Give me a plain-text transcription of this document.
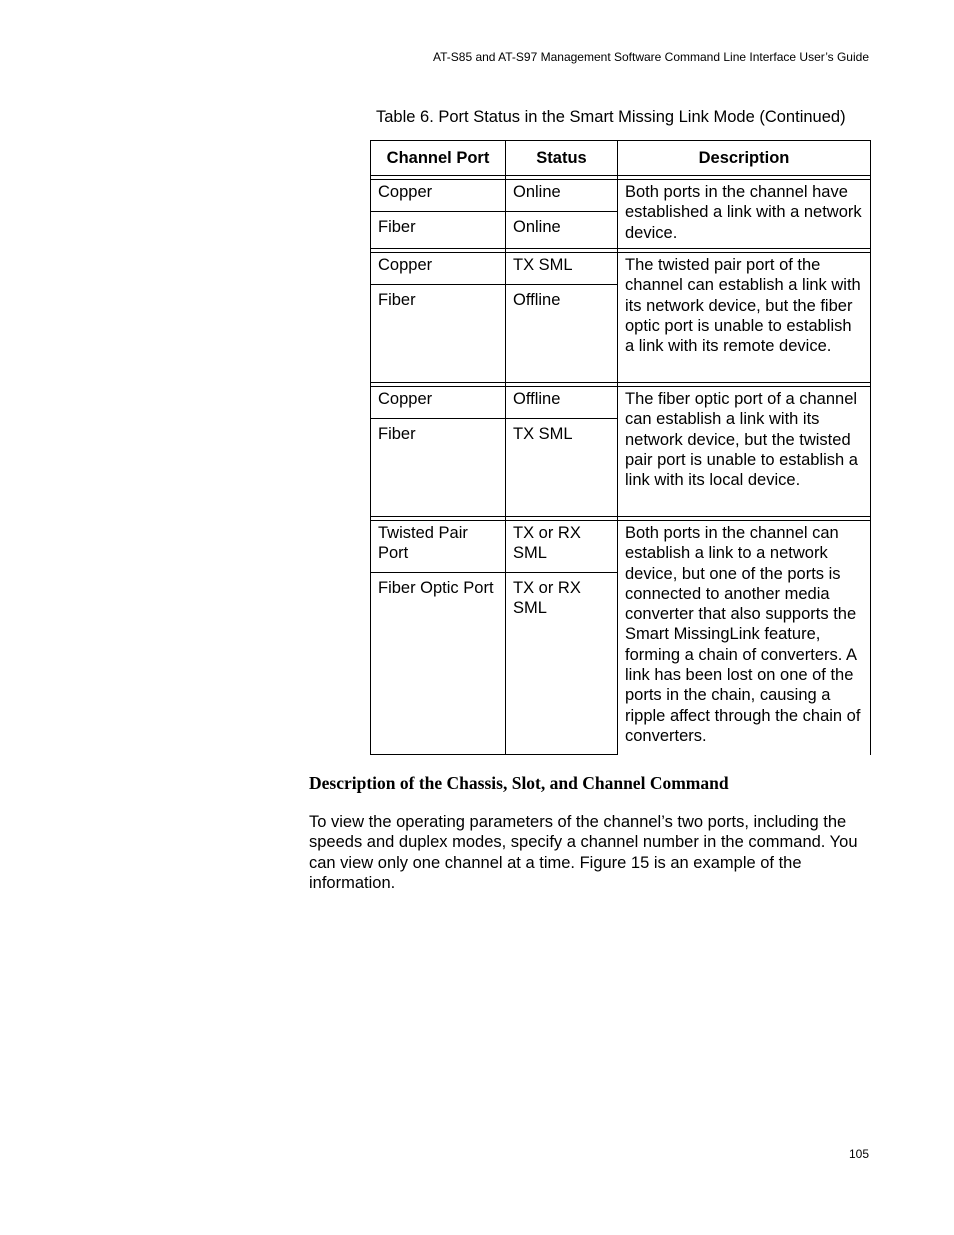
AT-S85 and AT-S97 Management Software Command Line Interface User’s Guide
Table 6. Port Status in the Smart Missing Link Mode (Continued)
Channel Port	Status	Description

Copper	Online	Both ports in the channel have established a link with a network device.
Fiber	Online	

Copper	TX SML	The twisted pair port of the channel can establish a link with its network device, but the fiber optic port is unable to establish a link with its remote device.
Fiber	Offline	

Copper	Offline	The fiber optic port of a channel can establish a link with its network device, but the twisted pair port is unable to establish a link with its local device.
Fiber	TX SML	

Twisted Pair Port	TX or RX SML	Both ports in the channel can establish a link to a network device, but one of the ports is connected to another media converter that also supports the Smart MissingLink feature, forming a chain of converters. A link has been lost on one of the ports in the chain, causing a ripple affect through the chain of converters.
Fiber Optic Port	TX or RX SML	
Description of the Chassis, Slot, and Channel Command

To view the operating parameters of the channel’s two ports, including the speeds and duplex modes, specify a channel number in the command. You can view only one channel at a time. Figure 15 is an example of the information.

105
